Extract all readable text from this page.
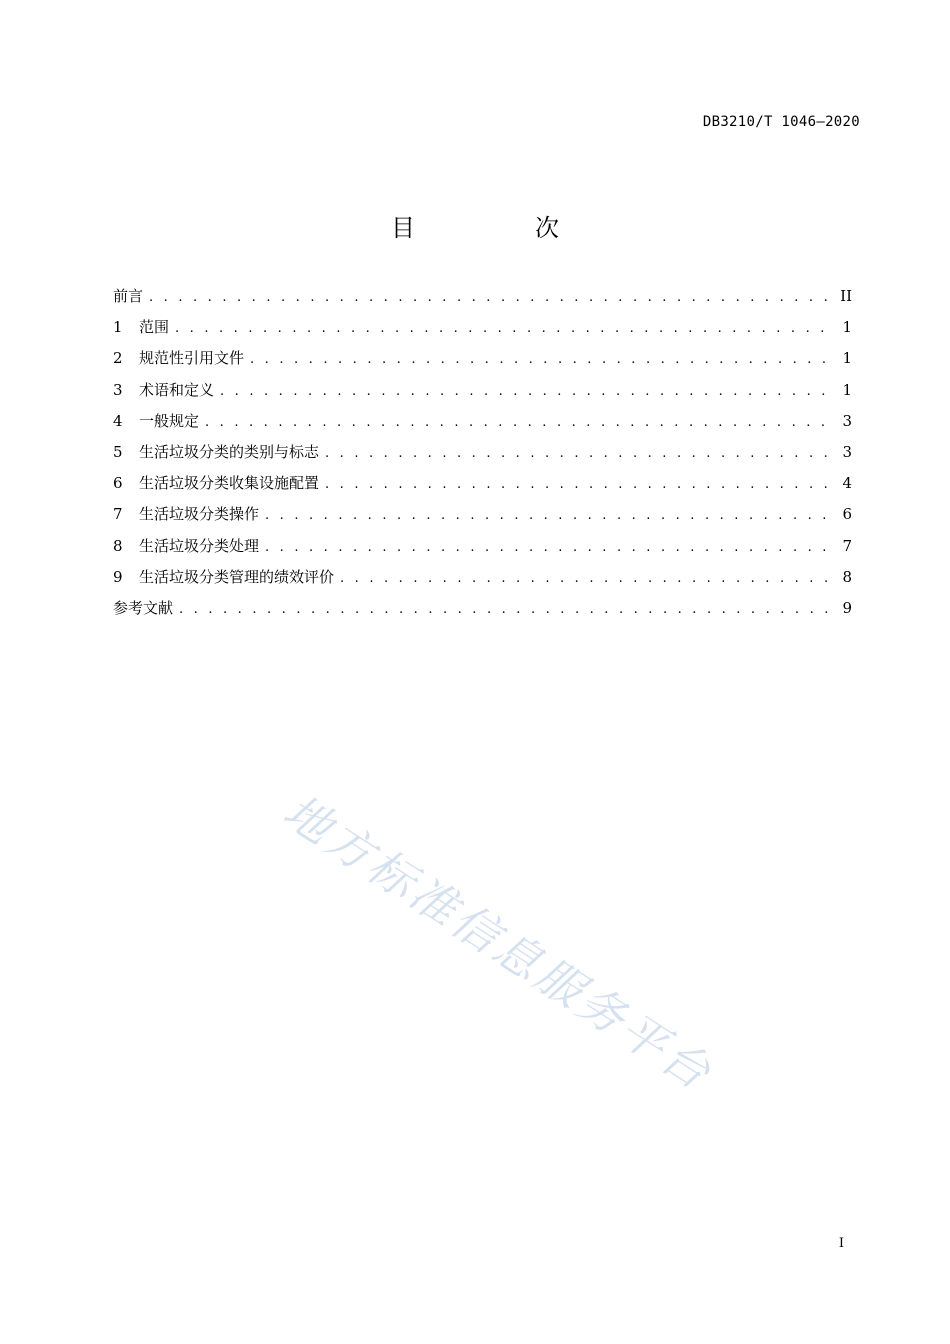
DB3210/T 1046—2020
目　次
前言 . . .	II
1	范围 . . .	1
2	规范性引用文件 . . .	1
3	术语和定义 . . .	1
4	一般规定 . . .	3
5	生活垃圾分类的类别与标志 . . .	3
6	生活垃圾分类收集设施配置 . . .	4
7	生活垃圾分类操作 . . .	6
8	生活垃圾分类处理 . . .	7
9	生活垃圾分类管理的绩效评价 . . .	8
参考文献 . . .	9
地方标准信息服务平台
I
